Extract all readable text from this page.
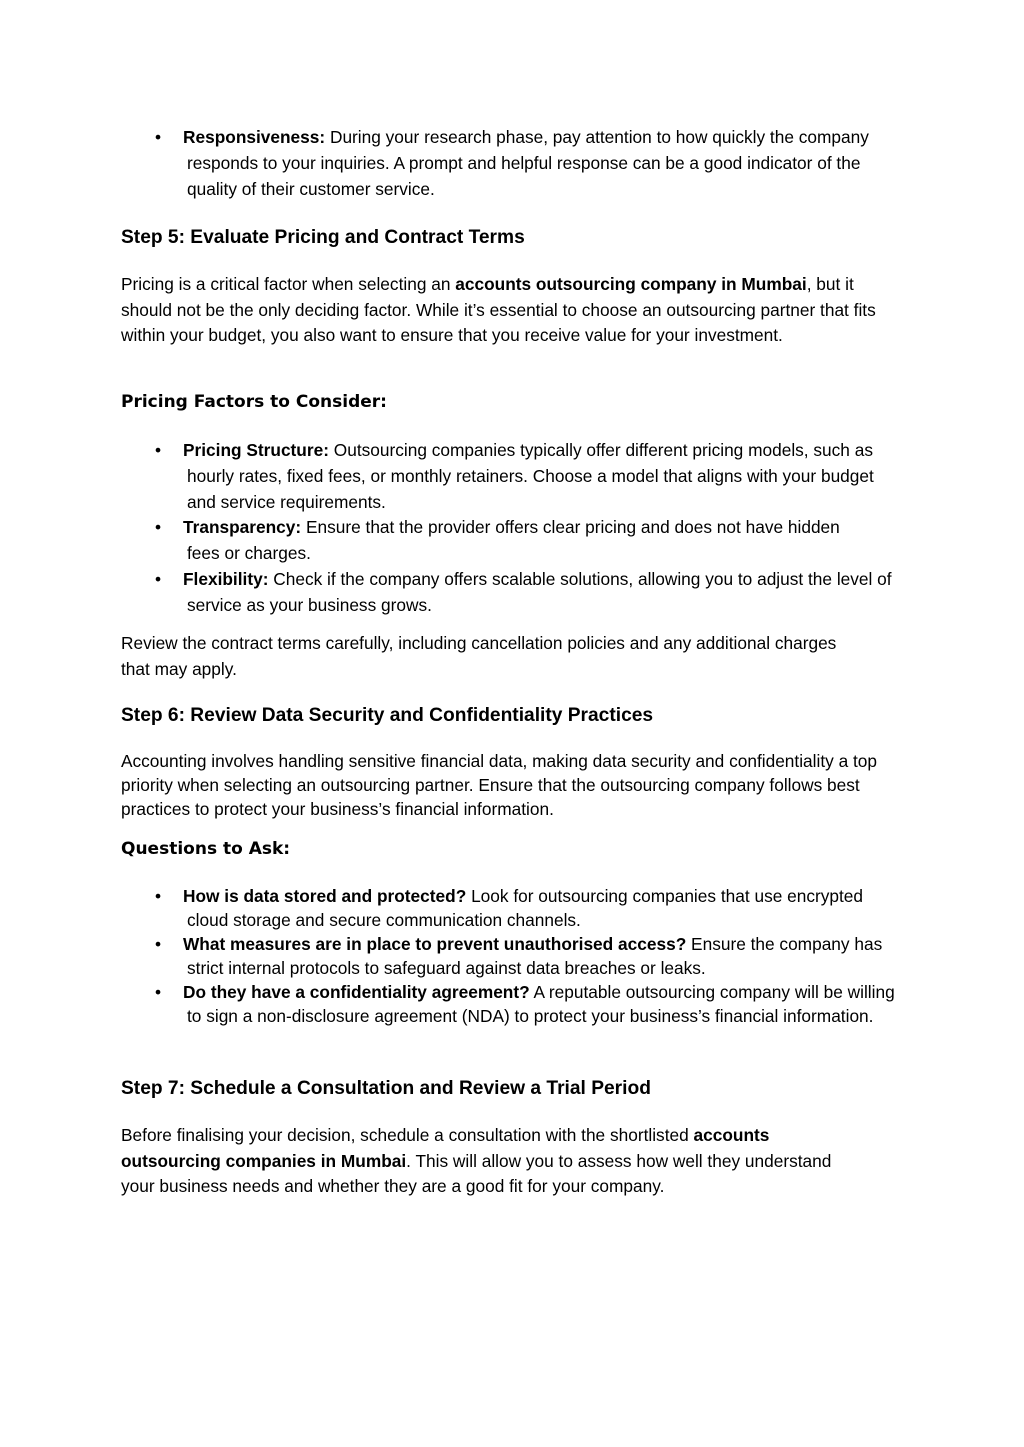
•	Responsiveness: During your research phase, pay attention to how quickly the company responds to your inquiries. A prompt and helpful response can be a good indicator of the quality of their customer service.
Step 5: Evaluate Pricing and Contract Terms
Pricing is a critical factor when selecting an accounts outsourcing company in Mumbai, but it should not be the only deciding factor. While it’s essential to choose an outsourcing partner that fits within your budget, you also want to ensure that you receive value for your investment.
Pricing Factors to Consider:
•	Pricing Structure: Outsourcing companies typically offer different pricing models, such as hourly rates, fixed fees, or monthly retainers. Choose a model that aligns with your budget and service requirements.
•	Transparency: Ensure that the provider offers clear pricing and does not have hidden fees or charges.
•	Flexibility: Check if the company offers scalable solutions, allowing you to adjust the level of service as your business grows.
Review the contract terms carefully, including cancellation policies and any additional charges that may apply.
Step 6: Review Data Security and Confidentiality Practices
Accounting involves handling sensitive financial data, making data security and confidentiality a top priority when selecting an outsourcing partner. Ensure that the outsourcing company follows best practices to protect your business’s financial information.
Questions to Ask:
•	How is data stored and protected? Look for outsourcing companies that use encrypted cloud storage and secure communication channels.
•	What measures are in place to prevent unauthorised access? Ensure the company has strict internal protocols to safeguard against data breaches or leaks.
•	Do they have a confidentiality agreement? A reputable outsourcing company will be willing to sign a non-disclosure agreement (NDA) to protect your business’s financial information.
Step 7: Schedule a Consultation and Review a Trial Period
Before finalising your decision, schedule a consultation with the shortlisted accounts outsourcing companies in Mumbai. This will allow you to assess how well they understand your business needs and whether they are a good fit for your company.
